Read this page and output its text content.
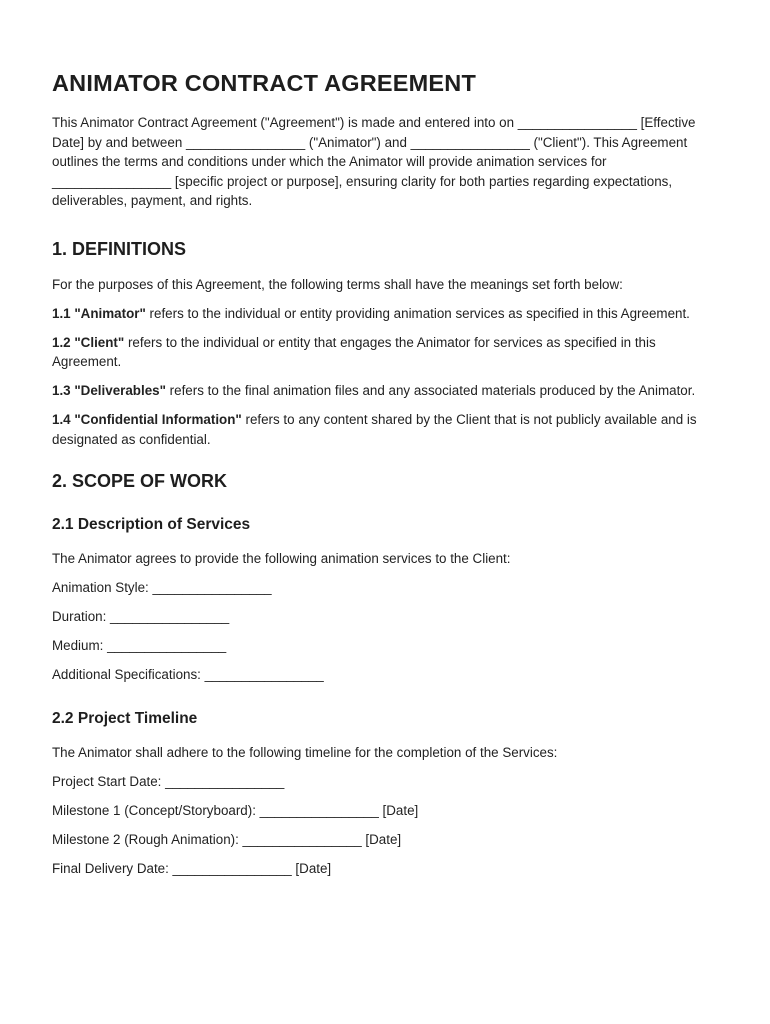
ANIMATOR CONTRACT AGREEMENT

This Animator Contract Agreement ("Agreement") is made and entered into on ________________ [Effective Date] by and between ________________ ("Animator") and ________________ ("Client"). This Agreement outlines the terms and conditions under which the Animator will provide animation services for ________________ [specific project or purpose], ensuring clarity for both parties regarding expectations, deliverables, payment, and rights.

1. DEFINITIONS

For the purposes of this Agreement, the following terms shall have the meanings set forth below:

1.1 "Animator" refers to the individual or entity providing animation services as specified in this Agreement.

1.2 "Client" refers to the individual or entity that engages the Animator for services as specified in this Agreement.

1.3 "Deliverables" refers to the final animation files and any associated materials produced by the Animator.

1.4 "Confidential Information" refers to any content shared by the Client that is not publicly available and is designated as confidential.

2. SCOPE OF WORK
2.1 Description of Services

The Animator agrees to provide the following animation services to the Client:

Animation Style: ________________

Duration: ________________

Medium: ________________

Additional Specifications: ________________

2.2 Project Timeline

The Animator shall adhere to the following timeline for the completion of the Services:

Project Start Date: ________________

Milestone 1 (Concept/Storyboard): ________________ [Date]

Milestone 2 (Rough Animation): ________________ [Date]

Final Delivery Date: ________________ [Date]
